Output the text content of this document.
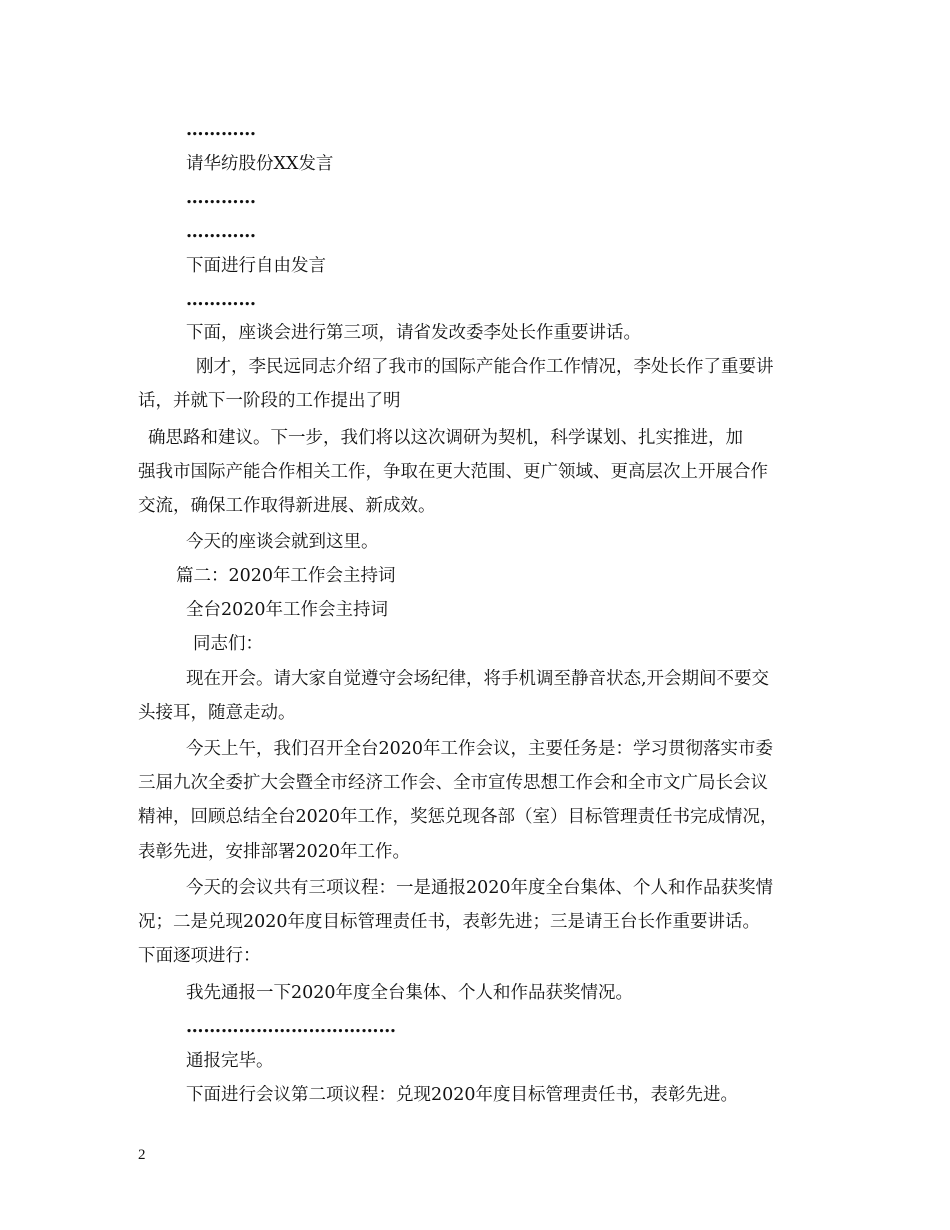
…………

请华纺股份XX发言

…………

…………

下面进行自由发言

…………

下面，座谈会进行第三项，请省发改委李处长作重要讲话。

刚才，李民远同志介绍了我市的国际产能合作工作情况，李处长作了重要讲

话，并就下一阶段的工作提出了明

确思路和建议。下一步，我们将以这次调研为契机，科学谋划、扎实推进，加

强我市国际产能合作相关工作，争取在更大范围、更广领域、更高层次上开展合作

交流，确保工作取得新进展、新成效。

今天的座谈会就到这里。

篇二：2020年工作会主持词

全台2020年工作会主持词

同志们：

现在开会。请大家自觉遵守会场纪律，将手机调至静音状态,开会期间不要交

头接耳，随意走动。

今天上午，我们召开全台2020年工作会议，主要任务是：学习贯彻落实市委

三届九次全委扩大会暨全市经济工作会、全市宣传思想工作会和全市文广局长会议

精神，回顾总结全台2020年工作，奖惩兑现各部（室）目标管理责任书完成情况，

表彰先进，安排部署2020年工作。

今天的会议共有三项议程：一是通报2020年度全台集体、个人和作品获奖情

况；二是兑现2020年度目标管理责任书，表彰先进；三是请王台长作重要讲话。

下面逐项进行：

我先通报一下2020年度全台集体、个人和作品获奖情况。

………………………………

通报完毕。

下面进行会议第二项议程：兑现2020年度目标管理责任书，表彰先进。

2
